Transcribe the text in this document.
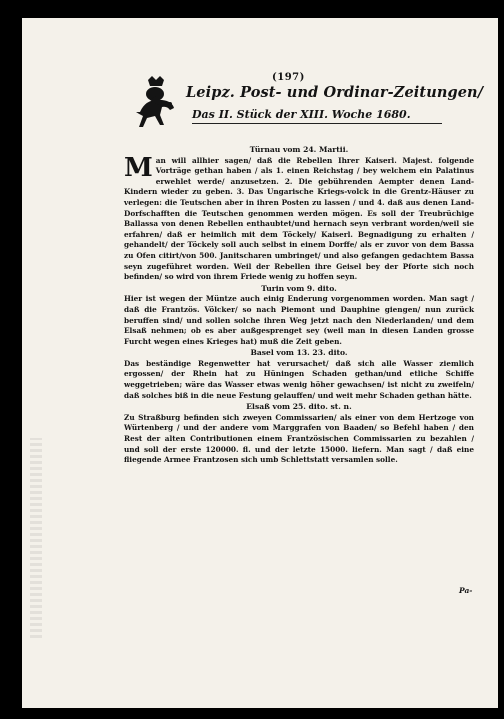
(197)
Leipz. Post- und Ordinar-Zeitungen/
Das II. Stück der XIII. Woche 1680.

Türnau vom 24. Martii.

Man will allhier sagen/ daß die Rebellen Ihrer Kaiserl. Majest. folgende Vorträge gethan haben / als 1. einen Reichstag / bey welchem ein Palatinus erwehlet werde/ anzusetzen. 2. Die gebührenden Aempter denen Land-Kindern wieder zu geben. 3. Das Ungarische Kriegs-volck in die Grentz-Häuser zu verlegen: die Teutschen aber in ihren Posten zu lassen / und 4. daß aus denen Land-Dorfschafften die Teutschen genommen werden mögen. Es soll der Treubrüchige Ballassa von denen Rebellen enthaubtet/und hernach seyn verbrant worden/weil sie erfahren/ daß er heimlich mit dem Töckely/ Kaiserl. Begnadigung zu erhalten / gehandelt/ der Töckely soll auch selbst in einem Dorffe/ als er zuvor von dem Bassa zu Ofen citirt/von 500. Janitscharen umbringet/ und also gefangen gedachtem Bassa seyn zugeführet worden. Weil der Rebellen ihre Geisel bey der Pforte sich noch befinden/ so wird von ihrem Friede wenig zu hoffen seyn.

Turin vom 9. dito.

Hier ist wegen der Müntze auch einig Enderung vorgenommen worden. Man sagt / daß die Frantzös. Völcker/ so nach Piemont und Dauphine giengen/ nun zurück beruffen sind/ und sollen solche ihren Weg jetzt nach den Niederlanden/ und dem Elsaß nehmen; ob es aber außgesprenget sey (weil man in diesen Landen grosse Furcht wegen eines Krieges hat) muß die Zeit geben.

Basel vom 13. 23. dito.

Das beständige Regenwetter hat verursachet/ daß sich alle Wasser ziemlich ergossen/ der Rhein hat zu Hüningen Schaden gethan/und etliche Schiffe weggetrieben; wäre das Wasser etwas wenig höher gewachsen/ ist nicht zu zweifeln/ daß solches biß in die neue Festung gelauffen/ und weit mehr Schaden gethan hätte.

Elsaß vom 25. dito. st. n.

Zu Straßburg befinden sich zweyen Commissarien/ als einer von dem Hertzoge von Würtenberg / und der andere vom Marggrafen von Baaden/ so Befehl haben / den Rest der alten Contributionen einem Frantzösischen Commissarien zu bezahlen / und soll der erste 120000. fl. und der letzte 15000. liefern. Man sagt / daß eine fliegende Armee Frantzosen sich umb Schlettstatt versamlen solle.

Pa-
